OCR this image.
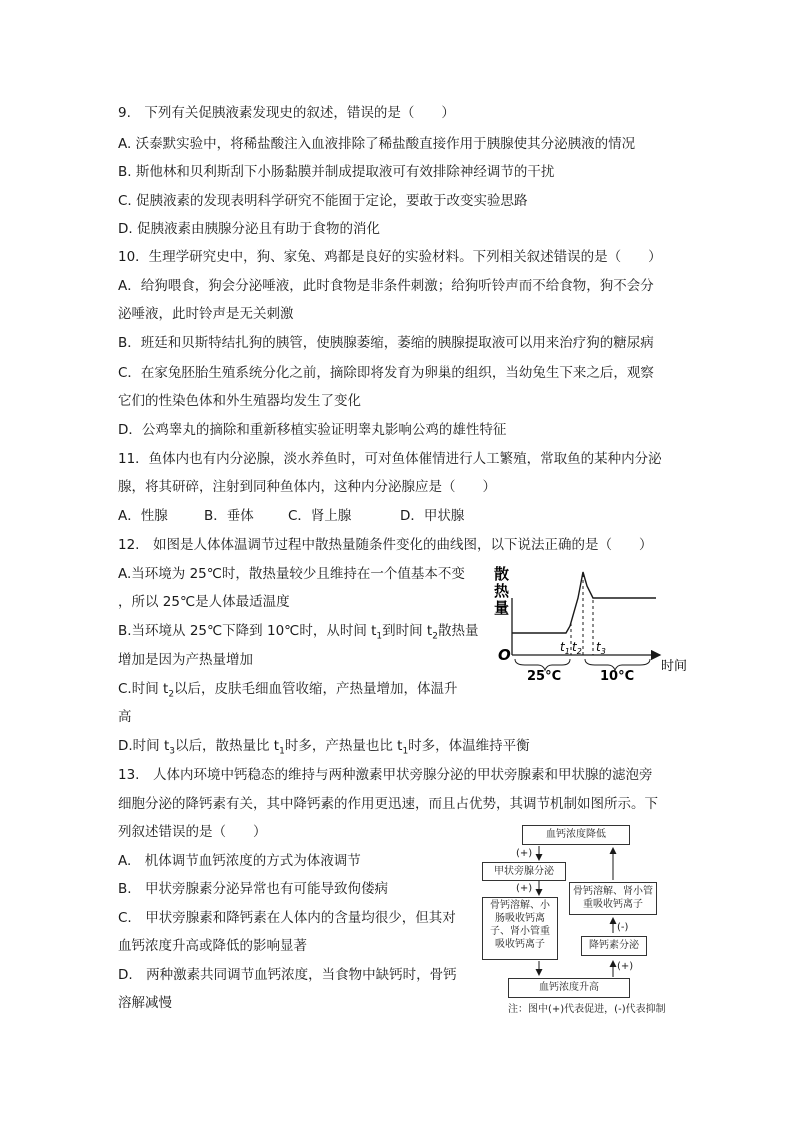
9.　下列有关促胰液素发现史的叙述，错误的是（　　）
A. 沃泰默实验中，将稀盐酸注入血液排除了稀盐酸直接作用于胰腺使其分泌胰液的情况
B. 斯他林和贝利斯刮下小肠黏膜并制成提取液可有效排除神经调节的干扰
C. 促胰液素的发现表明科学研究不能囿于定论，要敢于改变实验思路
D. 促胰液素由胰腺分泌且有助于食物的消化
10．生理学研究史中，狗、家兔、鸡都是良好的实验材料。下列相关叙述错误的是（　　）
A．给狗喂食，狗会分泌唾液，此时食物是非条件刺激；给狗听铃声而不给食物，狗不会分
泌唾液，此时铃声是无关刺激
B．班廷和贝斯特结扎狗的胰管，使胰腺萎缩，萎缩的胰腺提取液可以用来治疗狗的糖尿病
C．在家兔胚胎生殖系统分化之前，摘除即将发育为卵巢的组织，当幼兔生下来之后，观察
它们的性染色体和外生殖器均发生了变化
D．公鸡睾丸的摘除和重新移植实验证明睾丸影响公鸡的雄性特征
11．鱼体内也有内分泌腺，淡水养鱼时，可对鱼体催情进行人工繁殖，常取鱼的某种内分泌
腺，将其研碎，注射到同种鱼体内，这种内分泌腺应是（　　）
A．性腺	B．垂体	C．肾上腺	D．甲状腺
12.　如图是人体体温调节过程中散热量随条件变化的曲线图，以下说法正确的是（　　）
A.当环境为 25℃时，散热量较少且维持在一个值基本不变
，所以 25℃是人体最适温度
B.当环境从 25℃下降到 10℃时，从时间 $t_1$到时间 $t_2$散热量
增加是因为产热量增加
C.时间 $t_2$以后，皮肤毛细血管收缩，产热量增加，体温升
高
D.时间 $t_3$以后，散热量比 $t_1$时多，产热量也比 $t_1$时多，体温维持平衡
散
热
量
O
时间
$t_1$ $t_2$ $t_3$
25°C	10°C
13.　人体内环境中钙稳态的维持与两种激素甲状旁腺分泌的甲状旁腺素和甲状腺的滤泡旁
细胞分泌的降钙素有关，其中降钙素的作用更迅速，而且占优势，其调节机制如图所示。下
列叙述错误的是（　　）
A.　机体调节血钙浓度的方式为体液调节
B.　甲状旁腺素分泌异常也有可能导致佝偻病
C.　甲状旁腺素和降钙素在人体内的含量均很少，但其对
血钙浓度升高或降低的影响显著
D.　两种激素共同调节血钙浓度，当食物中缺钙时，骨钙
溶解减慢
血钙浓度降低
(+)
甲状旁腺分泌
(+)
骨钙溶解、小肠吸收钙离子、肾小管重吸收钙离子
骨钙溶解、肾小管重吸收钙离子
(-)
降钙素分泌
(+)
血钙浓度升高
注：图中(+)代表促进，(-)代表抑制
